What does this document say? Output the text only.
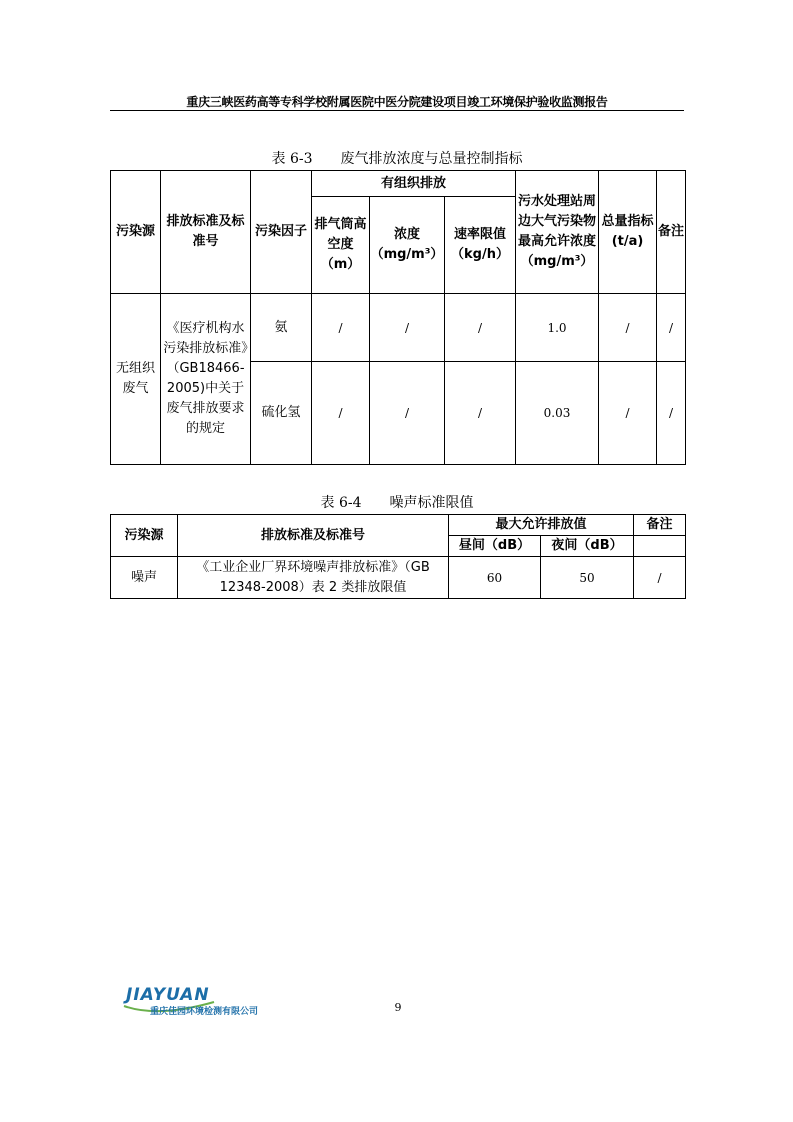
重庆三峡医药高等专科学校附属医院中医分院建设项目竣工环境保护验收监测报告
表 6-3 废气排放浓度与总量控制指标
污染源	排放标准及标准号	污染因子	有组织排放			污水处理站周边大气污染物最高允许浓度（mg/m³）	总量指标(t/a)	备注
			排气筒高空度（m）	浓度（mg/m³）	速率限值（kg/h）			
无组织废气	《医疗机构水污染排放标准》（GB18466-2005)中关于废气排放要求的规定	氨	/	/	/	1.0	/	/
		硫化氢	/	/	/	0.03	/	/
表 6-4 噪声标准限值
污染源	排放标准及标准号	最大允许排放值		备注
		昼间（dB）	夜间（dB）	
噪声	《工业企业厂界环境噪声排放标准》（GB 12348-2008）表 2 类排放限值	60	50	/
JIAYUAN
重庆佳园环境检测有限公司	9
